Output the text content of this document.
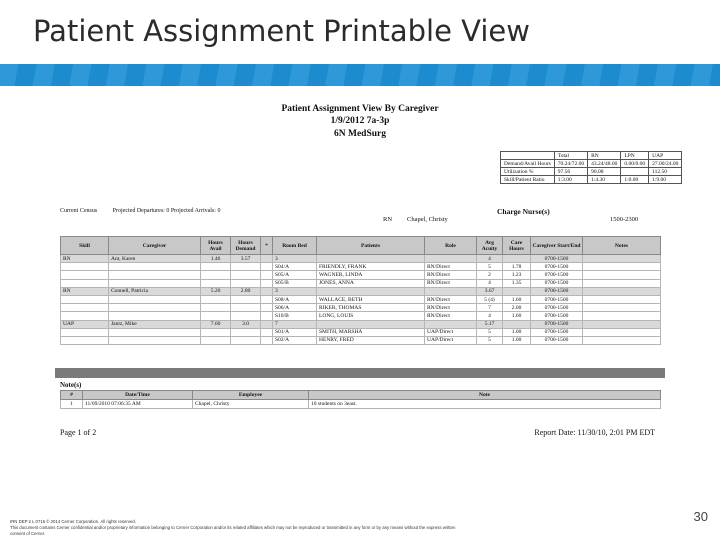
Patient Assignment Printable View
Patient Assignment View By Caregiver
1/9/2012 7a-3p
6N MedSurg
	Total	RN	LPN	UAP
Demand/Avail Hours	70.24/72.00	43.24/48.00	0.00/0.00	27.00/24.00
Utilization %	97.56	90.08		112.50
Skill/Patient Ratio	1:3.00	1:4.30	1:0.00	1:9.00
Current Census	Projected Departures: 0 Projected Arrivals: 0	Charge Nurse(s)
RN Chapel, Christy	1500-2300
Skill	Caregiver	Hours Avail	Hours Demand	*	Room Bed	Patients	Role	Avg Acuity	Care Hours	Caregiver Start/End	Notes
RN	Ant, Karen	1.46	3.57		3			4		0700-1500	
					S04/A	FRIENDLY, FRANK	RN/Direct	5	1.78	0700-1500	
					S05/A	WAGNER, LINDA	RN/Direct	2	1.23	0700-1500	
					S05/B	JONES, ANNA	RN/Direct	4	1.35	0700-1500	
RN	Connell, Patricia	5.20	2.80		3			3.67		0700-1500	
					S08/A	WALLACE, BETH	RN/Direct	5 (4)	1.60	0700-1500	
					S06/A	RIKER, THOMAS	RN/Direct	7	2.00	0700-1500	
					S10/B	LONG, LOUIS	RN/Direct	4	1.60	0700-1500	
UAP	Jantz, Mike	7.60	3.0		7			5.17		0700-1500	
					S01/A	SMITH, MARSHA	UAP/Direct	5	1.00	0700-1500	
					S02/A	HENRY, FRED	UAP/Direct	5	1.00	0700-1500	
Note(s)
#	Date/Time	Employee	Note
1	11/09/2010 07:06:35 AM	Chapel, Christy	10 students on 3east.
Page 1 of 2	Report Date: 11/30/10, 2:01 PM EDT
30
IRN DEP 2 L 0716 © 2014 Cerner Corporation. All rights reserved.
This document contains Cerner confidential and/or proprietary information belonging to Cerner Corporation and/or its related affiliates which may not be reproduced or transmitted in any form or by any means without the express written
consent of Cerner.
